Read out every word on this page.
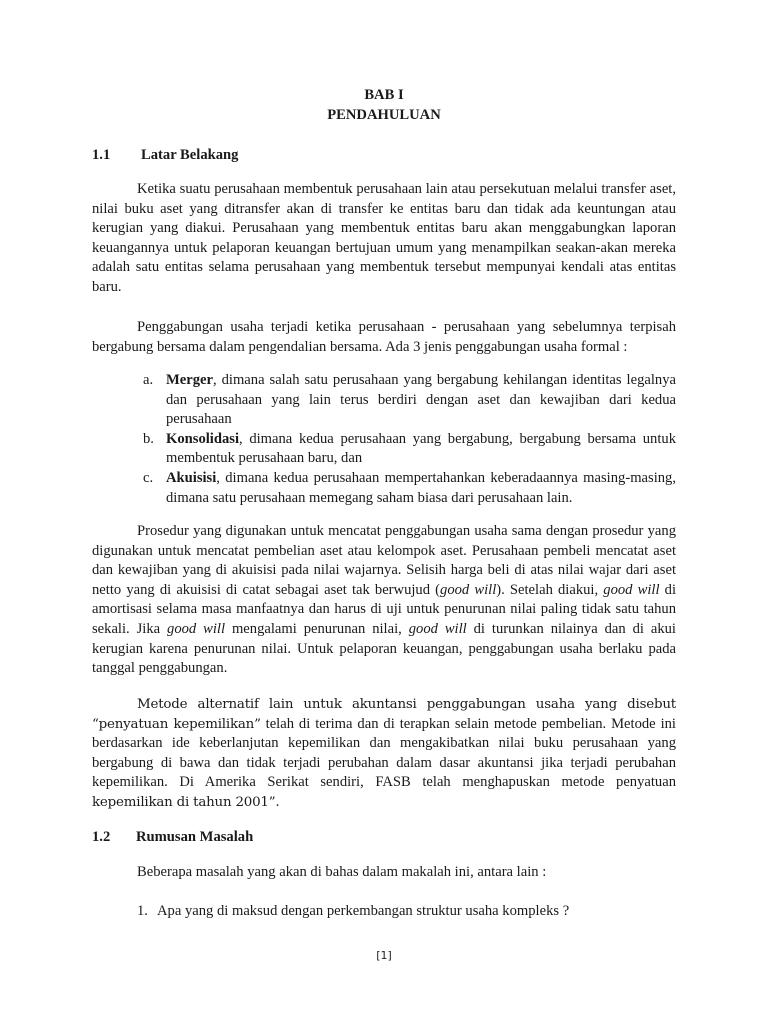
BAB I
PENDAHULUAN
1.1 Latar Belakang

Ketika suatu perusahaan membentuk perusahaan lain atau persekutuan melalui transfer aset, nilai buku aset yang ditransfer akan di transfer ke entitas baru dan tidak ada keuntungan atau kerugian yang diakui. Perusahaan yang membentuk entitas baru akan menggabungkan laporan keuangannya untuk pelaporan keuangan bertujuan umum yang menampilkan seakan-akan mereka adalah satu entitas selama perusahaan yang membentuk tersebut mempunyai kendali atas entitas baru.

Penggabungan usaha terjadi ketika perusahaan - perusahaan yang sebelumnya terpisah bergabung bersama dalam pengendalian bersama. Ada 3 jenis penggabungan usaha formal :

a. Merger, dimana salah satu perusahaan yang bergabung kehilangan identitas legalnya dan perusahaan yang lain terus berdiri dengan aset dan kewajiban dari kedua perusahaan
b. Konsolidasi, dimana kedua perusahaan yang bergabung, bergabung bersama untuk membentuk perusahaan baru, dan
c. Akuisisi, dimana kedua perusahaan mempertahankan keberadaannya masing-masing, dimana satu perusahaan memegang saham biasa dari perusahaan lain.

Prosedur yang digunakan untuk mencatat penggabungan usaha sama dengan prosedur yang digunakan untuk mencatat pembelian aset atau kelompok aset. Perusahaan pembeli mencatat aset dan kewajiban yang di akuisisi pada nilai wajarnya. Selisih harga beli di atas nilai wajar dari aset netto yang di akuisisi di catat sebagai aset tak berwujud (good will). Setelah diakui, good will di amortisasi selama masa manfaatnya dan harus di uji untuk penurunan nilai paling tidak satu tahun sekali. Jika good will mengalami penurunan nilai, good will di turunkan nilainya dan di akui kerugian karena penurunan nilai. Untuk pelaporan keuangan, penggabungan usaha berlaku pada tanggal penggabungan.

Metode alternatif lain untuk akuntansi penggabungan usaha yang disebut “penyatuan kepemilikan” telah di terima dan di terapkan selain metode pembelian. Metode ini berdasarkan ide keberlanjutan kepemilikan dan mengakibatkan nilai buku perusahaan yang bergabung di bawa dan tidak terjadi perubahan dalam dasar akuntansi jika terjadi perubahan kepemilikan. Di Amerika Serikat sendiri, FASB telah menghapuskan metode penyatuan kepemilikan di tahun 2001”.

1.2 Rumusan Masalah

Beberapa masalah yang akan di bahas dalam makalah ini, antara lain :

1. Apa yang di maksud dengan perkembangan struktur usaha kompleks ?

[1]
